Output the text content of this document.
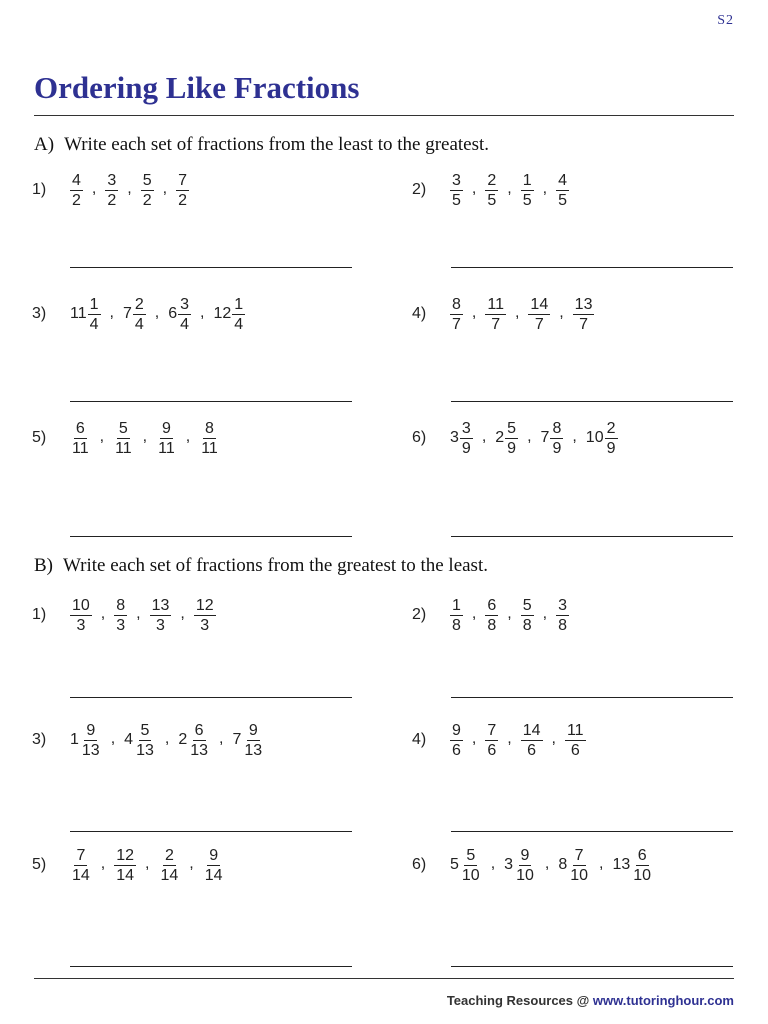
S2
Ordering Like Fractions
A) Write each set of fractions from the least to the greatest.
B) Write each set of fractions from the greatest to the least.
1)	$\frac{4}{2}$ , $\frac{3}{2}$ , $\frac{5}{2}$ , $\frac{7}{2}$	2)	$\frac{3}{5}$ , $\frac{2}{5}$ , $\frac{1}{5}$ , $\frac{4}{5}$
3)	$11 \frac{1}{4}$ , $7 \frac{2}{4}$ , $6 \frac{3}{4}$ , $12 \frac{1}{4}$	4)	$\frac{8}{7}$ , $\frac{11}{7}$ , $\frac{14}{7}$ , $\frac{13}{7}$
5)	$\frac{6}{11}$ , $\frac{5}{11}$ , $\frac{9}{11}$ , $\frac{8}{11}$	6)	$3 \frac{3}{9}$ , $2 \frac{5}{9}$ , $7 \frac{8}{9}$ , $10 \frac{2}{9}$
1)	$\frac{10}{3}$ , $\frac{8}{3}$ , $\frac{13}{3}$ , $\frac{12}{3}$	2)	$\frac{1}{8}$ , $\frac{6}{8}$ , $\frac{5}{8}$ , $\frac{3}{8}$
3)	$1 \frac{9}{13}$ , $4 \frac{5}{13}$ , $2 \frac{6}{13}$ , $7 \frac{9}{13}$	4)	$\frac{9}{6}$ , $\frac{7}{6}$ , $\frac{14}{6}$ , $\frac{11}{6}$
5)	$\frac{7}{14}$ , $\frac{12}{14}$ , $\frac{2}{14}$ , $\frac{9}{14}$	6)	$5 \frac{5}{10}$ , $3 \frac{9}{10}$ , $8 \frac{7}{10}$ , $13 \frac{6}{10}$
Teaching Resources @ www.tutoringhour.com
